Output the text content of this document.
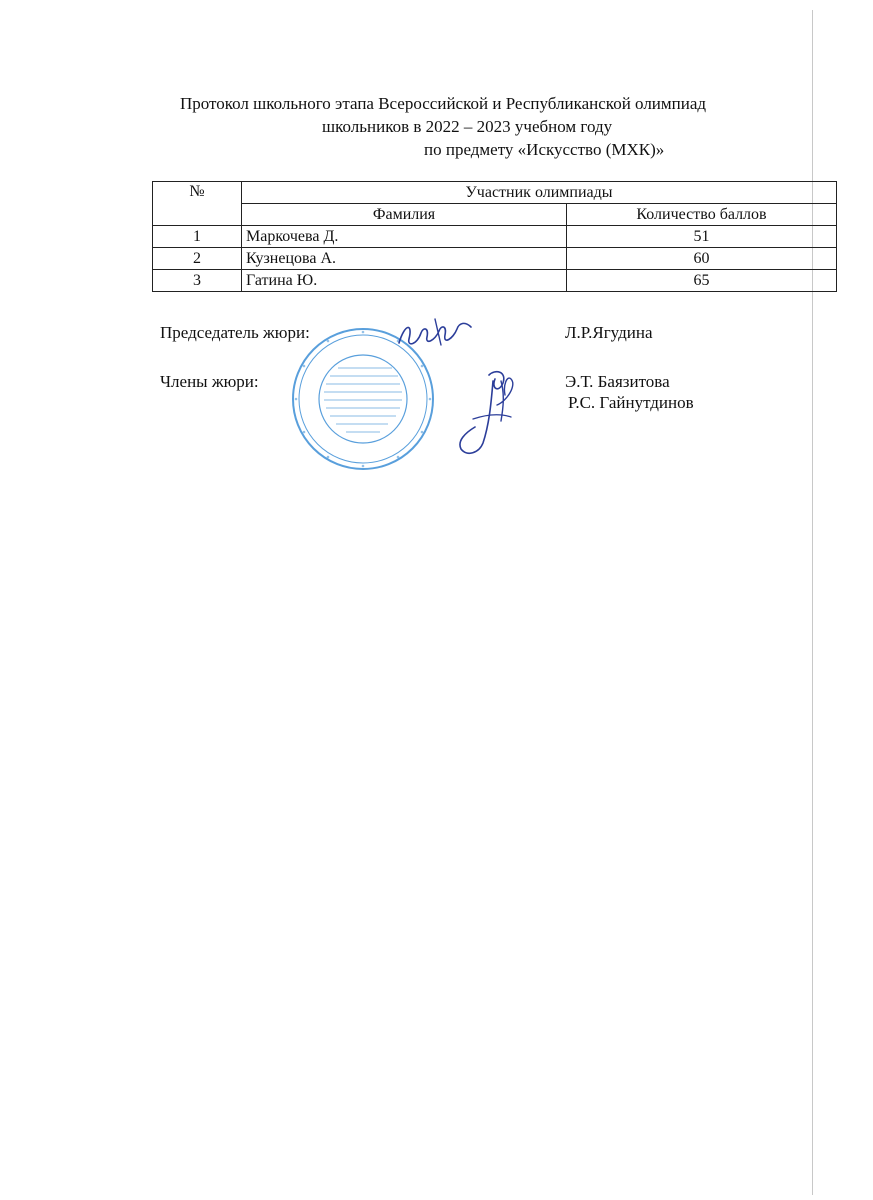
Протокол школьного этапа Всероссийской и Республиканской олимпиад
школьников в 2022 – 2023 учебном году
по предмету «Искусство (МХК)»
№	Участник олимпиады	
	Фамилия	Количество баллов
1	Маркочева Д.	51
2	Кузнецова А.	60
3	Гатина Ю.	65
Председатель жюри:	Л.Р.Ягудина
Члены жюри:	Э.Т. Баязитова
Р.С. Гайнутдинов
